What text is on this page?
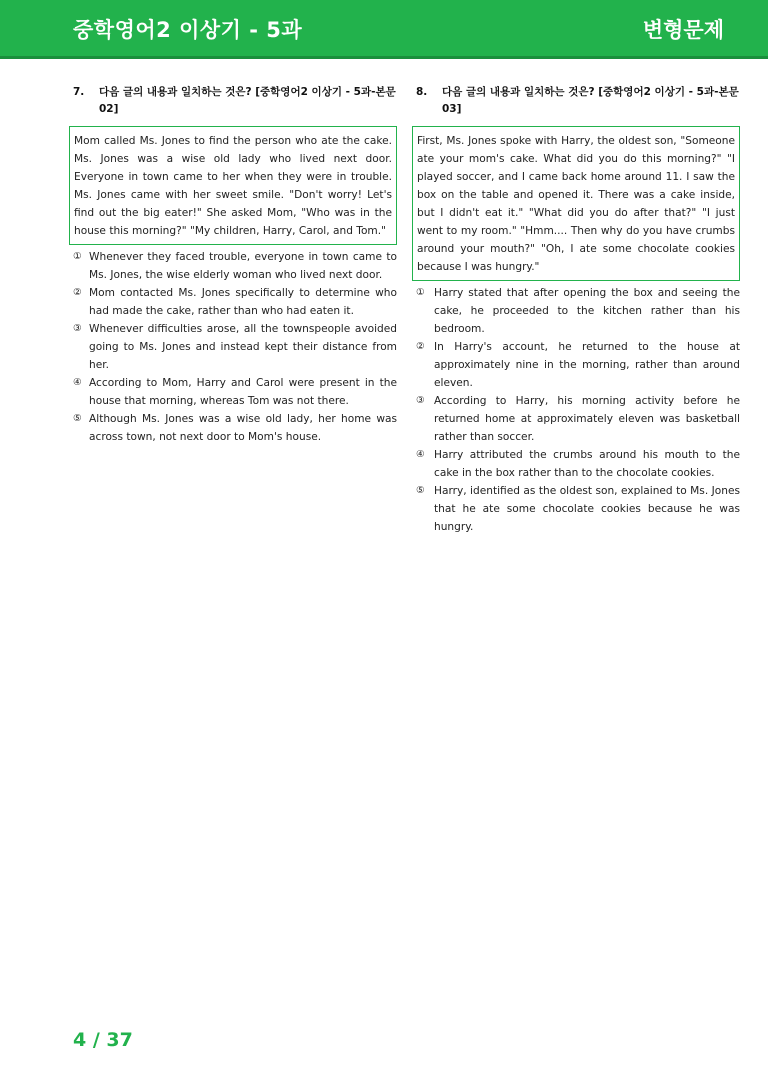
중학영어2 이상기 - 5과	변형문제
7.	다음 글의 내용과 일치하는 것은? [중학영어2 이상기 - 5과-본문 02]
Mom called Ms. Jones to find the person who ate the cake. Ms. Jones was a wise old lady who lived next door. Everyone in town came to her when they were in trouble. Ms. Jones came with her sweet smile. "Don't worry! Let's find out the big eater!" She asked Mom, "Who was in the house this morning?" "My children, Harry, Carol, and Tom."
① Whenever they faced trouble, everyone in town came to Ms. Jones, the wise elderly woman who lived next door.
② Mom contacted Ms. Jones specifically to determine who had made the cake, rather than who had eaten it.
③ Whenever difficulties arose, all the townspeople avoided going to Ms. Jones and instead kept their distance from her.
④ According to Mom, Harry and Carol were present in the house that morning, whereas Tom was not there.
⑤ Although Ms. Jones was a wise old lady, her home was across town, not next door to Mom's house.
8.	다음 글의 내용과 일치하는 것은? [중학영어2 이상기 - 5과-본문 03]
First, Ms. Jones spoke with Harry, the oldest son, "Someone ate your mom's cake. What did you do this morning?" "I played soccer, and I came back home around 11. I saw the box on the table and opened it. There was a cake inside, but I didn't eat it." "What did you do after that?" "I just went to my room." "Hmm.... Then why do you have crumbs around your mouth?" "Oh, I ate some chocolate cookies because I was hungry."
① Harry stated that after opening the box and seeing the cake, he proceeded to the kitchen rather than his bedroom.
② In Harry's account, he returned to the house at approximately nine in the morning, rather than around eleven.
③ According to Harry, his morning activity before he returned home at approximately eleven was basketball rather than soccer.
④ Harry attributed the crumbs around his mouth to the cake in the box rather than to the chocolate cookies.
⑤ Harry, identified as the oldest son, explained to Ms. Jones that he ate some chocolate cookies because he was hungry.
4 / 37
